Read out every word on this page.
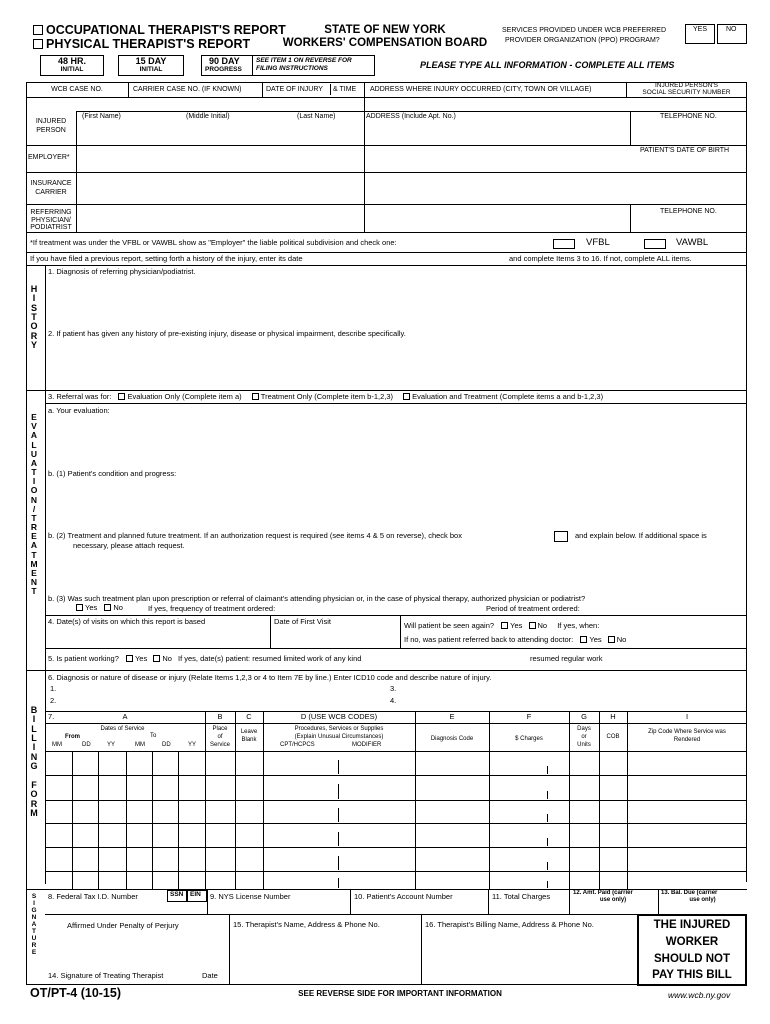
OCCUPATIONAL THERAPIST'S REPORT
PHYSICAL THERAPIST'S REPORT
STATE OF NEW YORK
WORKERS' COMPENSATION BOARD
SERVICES PROVIDED UNDER WCB PREFERRED
PROVIDER ORGANIZATION (PPO) PROGRAM?
YES	NO
48 HR.
INITIAL
15 DAY
INITIAL
90 DAY
PROGRESS
SEE ITEM 1 ON REVERSE FOR
FILING INSTRUCTIONS	PLEASE TYPE ALL INFORMATION - COMPLETE ALL ITEMS
WCB CASE NO.	CARRIER CASE NO. (IF KNOWN)	DATE OF INJURY & TIME ADDRESS WHERE INJURY OCCURRED (CITY, TOWN OR VILLAGE)
INJURED PERSON'S
SOCIAL SECURITY NUMBER
INJURED
PERSON
(First Name)	(Middle Initial)	(Last Name)	ADDRESS (Include Apt. No.)	TELEPHONE NO.
EMPLOYER*
PATIENT'S DATE OF BIRTH
INSURANCE
CARRIER
REFERRING
PHYSICIAN/
PODIATRIST
TELEPHONE NO.
*If treatment was under the VFBL or VAWBL show as "Employer" the liable political subdivision and check one:	VFBL	VAWBL
If you have filed a previous report, setting forth a history of the injury, enter its date	and complete Items 3 to 16. If not, complete ALL items.
H
I
S
T
O
R
Y
1. Diagnosis of referring physician/podiatrist.
2. If patient has given any history of pre-existing injury, disease or physical impairment, describe specifically.
E
V
A
L
U
A
T
I
O
N
/
T
R
E
A
T
M
E
N
T
3. Referral was for: Evaluation Only (Complete item a)	Treatment Only (Complete item b-1,2,3)	Evaluation and Treatment (Complete items a and b-1,2,3)
a. Your evaluation:
b. (1) Patient's condition and progress:
b. (2) Treatment and planned future treatment. If an authorization request is required (see items 4 & 5 on reverse), check box	and explain below. If additional space is
necessary, please attach request.
b. (3) Was such treatment plan upon prescription or referral of claimant's attending physician or, in the case of physical therapy, authorized physician or podiatrist?
Yes No	If yes, frequency of treatment ordered:	Period of treatment ordered:
4. Date(s) of visits on which this report is based	Date of First Visit	Will patient be seen again? Yes No If yes, when:
If no, was patient referred back to attending doctor: Yes No
5. Is patient working? Yes No If yes, date(s) patient: resumed limited work of any kind	resumed regular work
B
I
L
L
I
N
G

F
O
R
M
6. Diagnosis or nature of disease or injury (Relate Items 1,2,3 or 4 to Item 7E by line.) Enter ICD10 code and describe nature of injury.
1.
2.
3.
4.
7.	A	B	C	D (USE WCB CODES)	E	F	G	H	I
Dates of Service
From	To
MM	DD	YY	MM	DD	YY
Place
of
Service
Leave
Blank
Procedures, Services or Supplies
(Explain Unusual Circumstances)
CPT/HCPCS	MODIFIER
Diagnosis Code	$ Charges
Days
or
Units
COB
Zip Code Where Service was
Rendered
S
I
G
N
A
T
U
R
E
8. Federal Tax I.D. Number	SSN EIN 9. NYS License Number	10. Patient's Account Number	11. Total Charges	12. Amt. Paid (carrier
use only)
13. Bal. Due (carrier
use only)
Affirmed Under Penalty of Perjury	15. Therapist's Name, Address & Phone No.	16. Therapist's Billing Name, Address & Phone No.
14. Signature of Treating Therapist	Date
THE INJURED
WORKER
SHOULD NOT
PAY THIS BILL
OT/PT-4 (10-15)	SEE REVERSE SIDE FOR IMPORTANT INFORMATION	www.wcb.ny.gov
